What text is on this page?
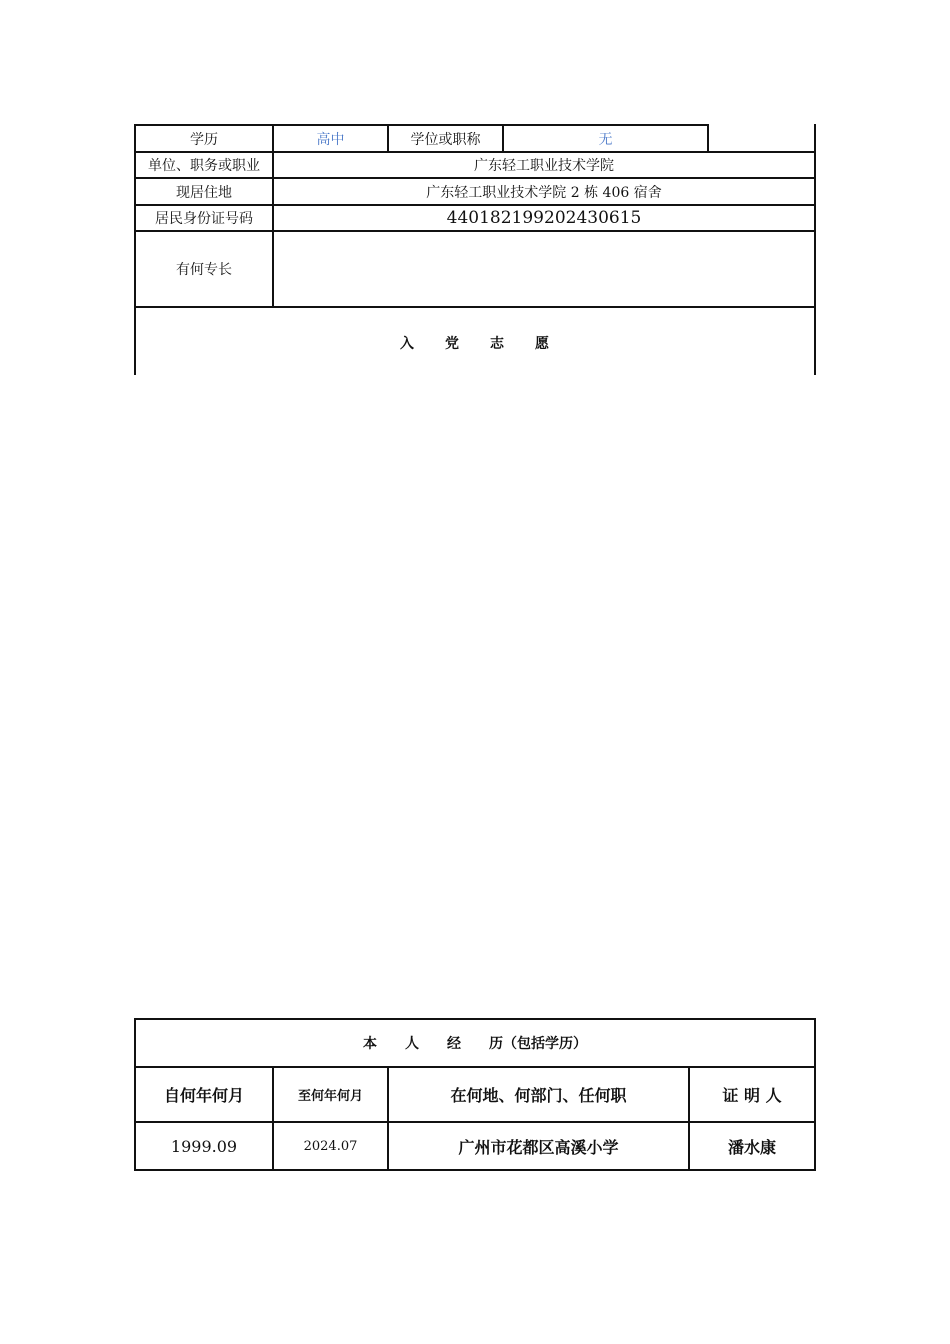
学历	高中	学位或职称	无
单位、职务或职业	广东轻工职业技术学院
现居住地	广东轻工职业技术学院 2 栋 406 宿舍
居民身份证号码	440182199202430615
有何专长
入　　党　　志　　愿
本　　人　　经　　历（包括学历）
自何年何月	至何年何月	在何地、何部门、任何职	证 明 人
1999.09	2024.07	广州市花都区高溪小学	潘水康
